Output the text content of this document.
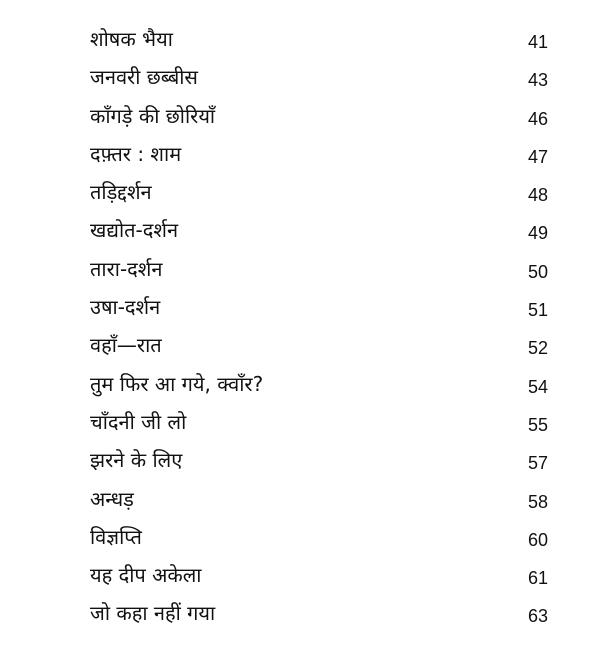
शोषक भैया	41
जनवरी छब्बीस	43
काँगड़े की छोरियाँ	46
दफ़्तर : शाम	47
तड़िद्दर्शन	48
खद्योत-दर्शन	49
तारा-दर्शन	50
उषा-दर्शन	51
वहाँ—रात	52
तुम फिर आ गये, क्वाँर?	54
चाँदनी जी लो	55
झरने के लिए	57
अन्धड़	58
विज्ञप्ति	60
यह दीप अकेला	61
जो कहा नहीं गया	63
